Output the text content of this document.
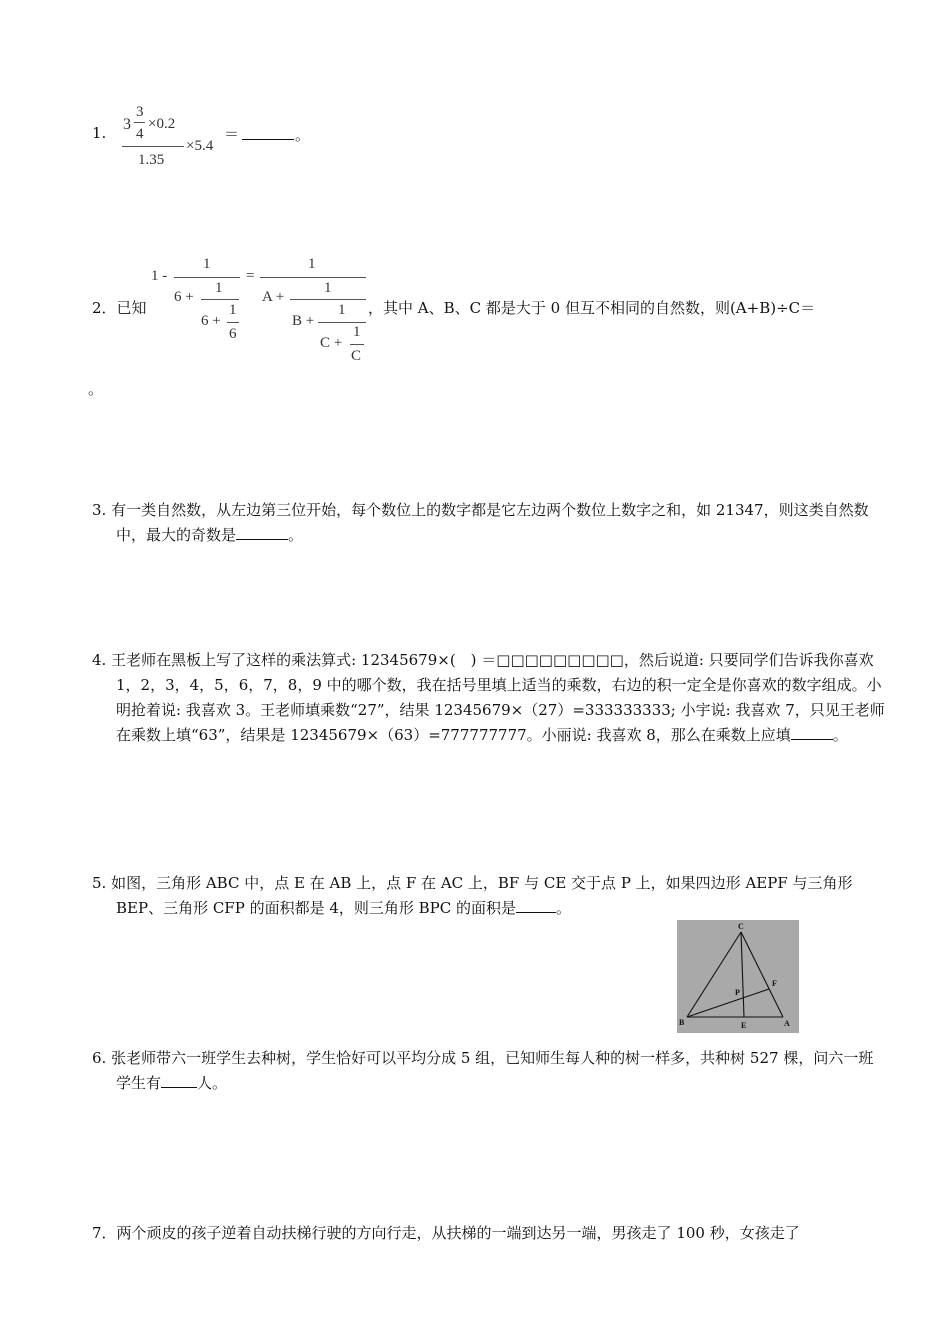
1. 3
3
4
×0.2
1.35
×5.4
＝	。
2．已知
1 -
1
6 +
1
6 +
1
6
=
1
A +
1
B +
1
C +
1
C
，其中 A、B、C 都是大于 0 但互不相同的自然数，则(A+B)÷C＝
。
3. 有一类自然数，从左边第三位开始，每个数位上的数字都是它左边两个数位上数字之和，如 21347，则这类自然数中，最大的奇数是	。
4. 王老师在黑板上写了这样的乘法算式: 12345679×(　) ＝□□□□□□□□□，然后说道: 只要同学们告诉我你喜欢 1，2，3，4，5，6，7，8，9 中的哪个数，我在括号里填上适当的乘数，右边的积一定全是你喜欢的数字组成。小明抢着说: 我喜欢 3。王老师填乘数“27”，结果 12345679×（27）=333333333; 小宇说: 我喜欢 7，只见王老师在乘数上填“63”，结果是 12345679×（63）=777777777。小丽说: 我喜欢 8，那么在乘数上应填	。
5. 如图，三角形 ABC 中，点 E 在 AB 上，点 F 在 AC 上，BF 与 CE 交于点 P 上，如果四边形 AEPF 与三角形 BEP、三角形 CFP 的面积都是 4，则三角形 BPC 的面积是	。
C
F
P
B	E	A
6. 张老师带六一班学生去种树，学生恰好可以平均分成 5 组，已知师生每人种的树一样多，共种树 527 棵，问六一班学生有 人。
7．两个顽皮的孩子逆着自动扶梯行驶的方向行走，从扶梯的一端到达另一端，男孩走了 100 秒，女孩走了
